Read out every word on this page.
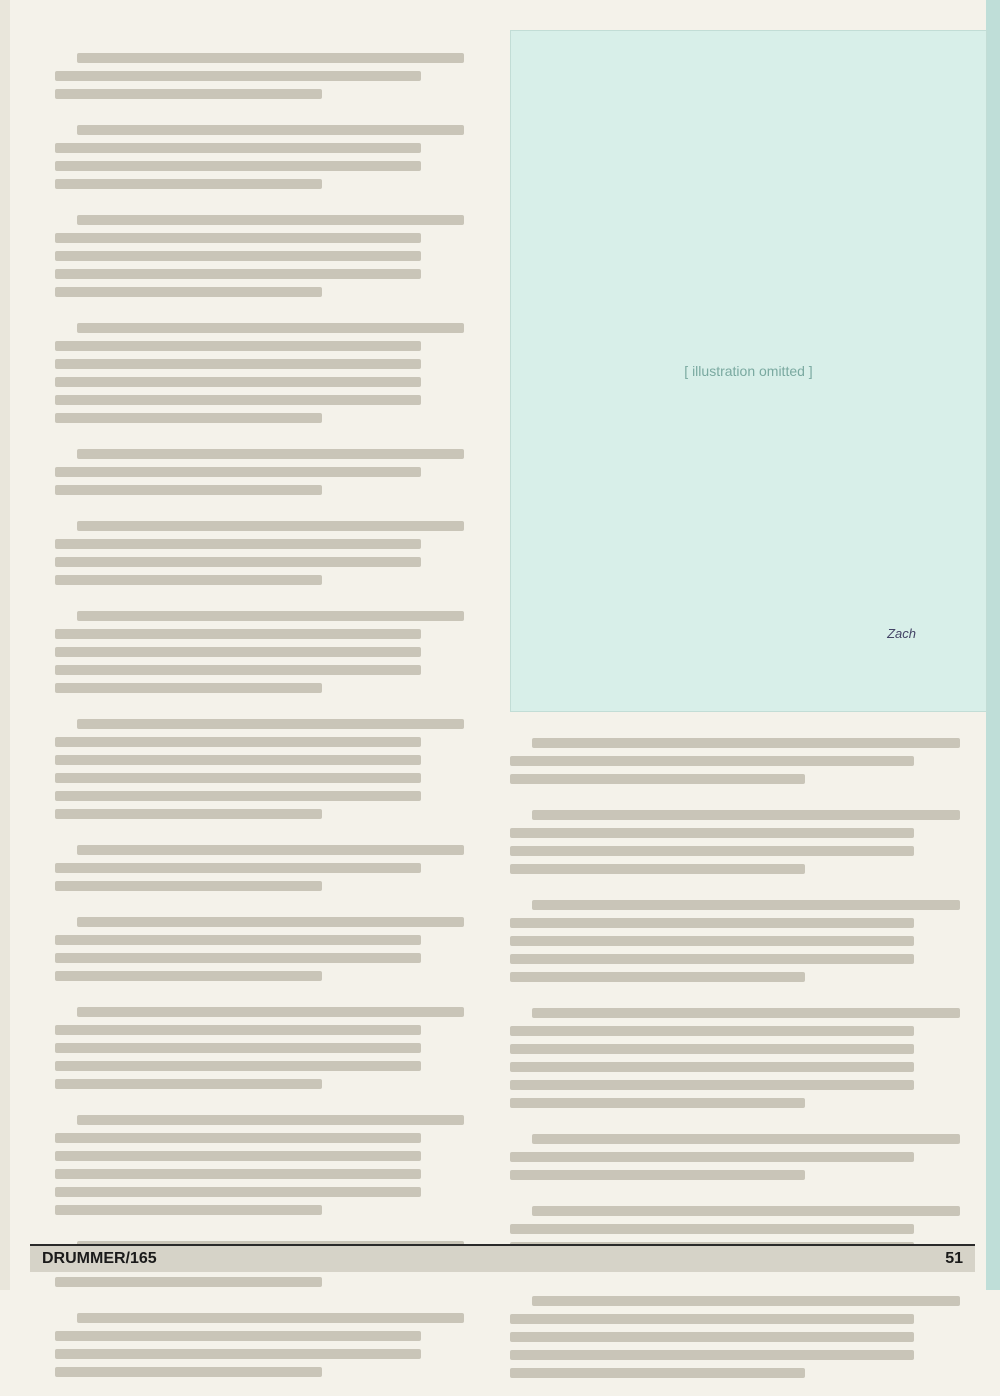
[ illustration omitted ]
Zach
DRUMMER/165	51
